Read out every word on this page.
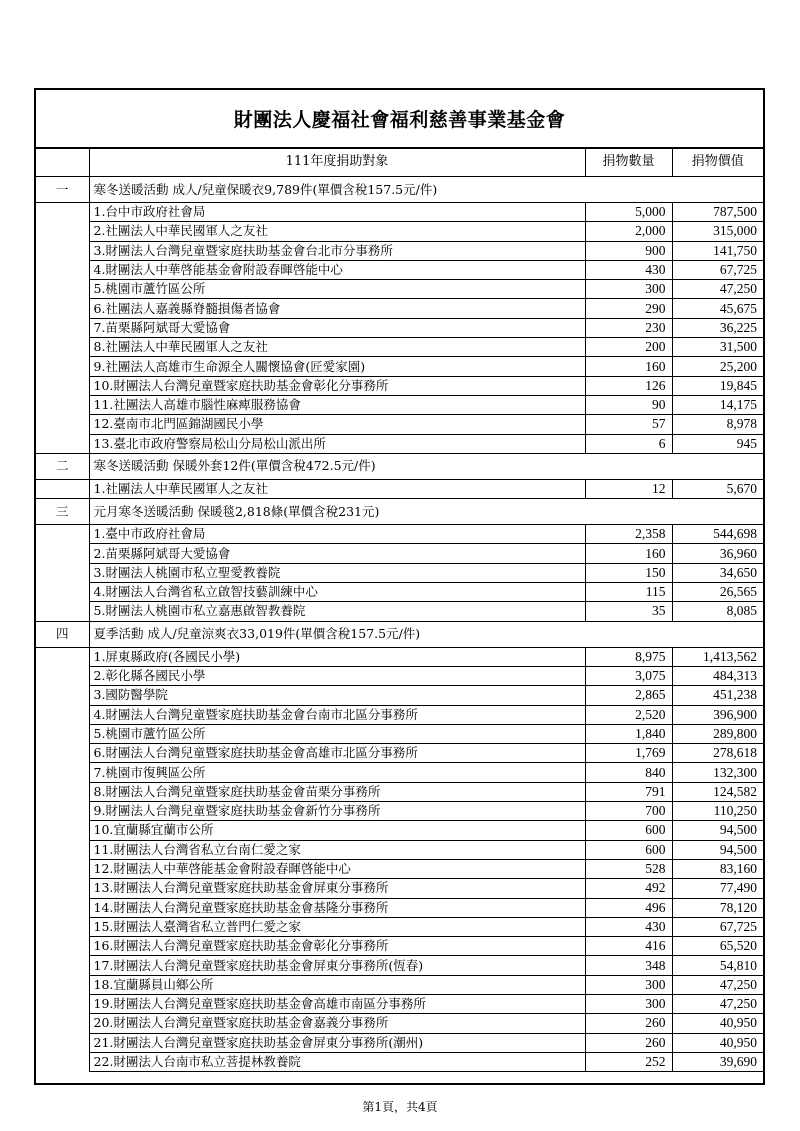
財團法人慶福社會福利慈善事業基金會
	111年度捐助對象	捐物數量	捐物價值
一	寒冬送暖活動 成人/兒童保暖衣9,789件(單價含稅157.5元/件)		
	1.台中市政府社會局	5,000	787,500
	2.社團法人中華民國軍人之友社	2,000	315,000
	3.財團法人台灣兒童暨家庭扶助基金會台北市分事務所	900	141,750
	4.財團法人中華啓能基金會附設春暉啓能中心	430	67,725
	5.桃園市蘆竹區公所	300	47,250
	6.社團法人嘉義縣脊髓損傷者協會	290	45,675
	7.苗栗縣阿斌哥大愛協會	230	36,225
	8.社團法人中華民國軍人之友社	200	31,500
	9.社團法人高雄市生命源全人關懷協會(匠愛家園)	160	25,200
	10.財團法人台灣兒童暨家庭扶助基金會彰化分事務所	126	19,845
	11.社團法人高雄市腦性麻痺服務協會	90	14,175
	12.臺南市北門區錦湖國民小學	57	8,978
	13.臺北市政府警察局松山分局松山派出所	6	945
二	寒冬送暖活動 保暖外套12件(單價含稅472.5元/件)		
	1.社團法人中華民國軍人之友社	12	5,670
三	元月寒冬送暖活動 保暖毯2,818條(單價含稅231元)		
	1.臺中市政府社會局	2,358	544,698
	2.苗栗縣阿斌哥大愛協會	160	36,960
	3.財團法人桃園市私立聖愛教養院	150	34,650
	4.財團法人台灣省私立啟智技藝訓練中心	115	26,565
	5.財團法人桃園市私立嘉惠啟智教養院	35	8,085
四	夏季活動 成人/兒童涼爽衣33,019件(單價含稅157.5元/件)		
	1.屏東縣政府(各國民小學)	8,975	1,413,562
	2.彰化縣各國民小學	3,075	484,313
	3.國防醫學院	2,865	451,238
	4.財團法人台灣兒童暨家庭扶助基金會台南市北區分事務所	2,520	396,900
	5.桃園市蘆竹區公所	1,840	289,800
	6.財團法人台灣兒童暨家庭扶助基金會高雄市北區分事務所	1,769	278,618
	7.桃園市復興區公所	840	132,300
	8.財團法人台灣兒童暨家庭扶助基金會苗栗分事務所	791	124,582
	9.財團法人台灣兒童暨家庭扶助基金會新竹分事務所	700	110,250
	10.宜蘭縣宜蘭市公所	600	94,500
	11.財團法人台灣省私立台南仁愛之家	600	94,500
	12.財團法人中華啓能基金會附設春暉啓能中心	528	83,160
	13.財團法人台灣兒童暨家庭扶助基金會屏東分事務所	492	77,490
	14.財團法人台灣兒童暨家庭扶助基金會基隆分事務所	496	78,120
	15.財團法人臺灣省私立普門仁愛之家	430	67,725
	16.財團法人台灣兒童暨家庭扶助基金會彰化分事務所	416	65,520
	17.財團法人台灣兒童暨家庭扶助基金會屏東分事務所(恆春)	348	54,810
	18.宜蘭縣員山鄉公所	300	47,250
	19.財團法人台灣兒童暨家庭扶助基金會高雄市南區分事務所	300	47,250
	20.財團法人台灣兒童暨家庭扶助基金會嘉義分事務所	260	40,950
	21.財團法人台灣兒童暨家庭扶助基金會屏東分事務所(潮州)	260	40,950
	22.財團法人台南市私立菩提林教養院	252	39,690
第1頁，共4頁
